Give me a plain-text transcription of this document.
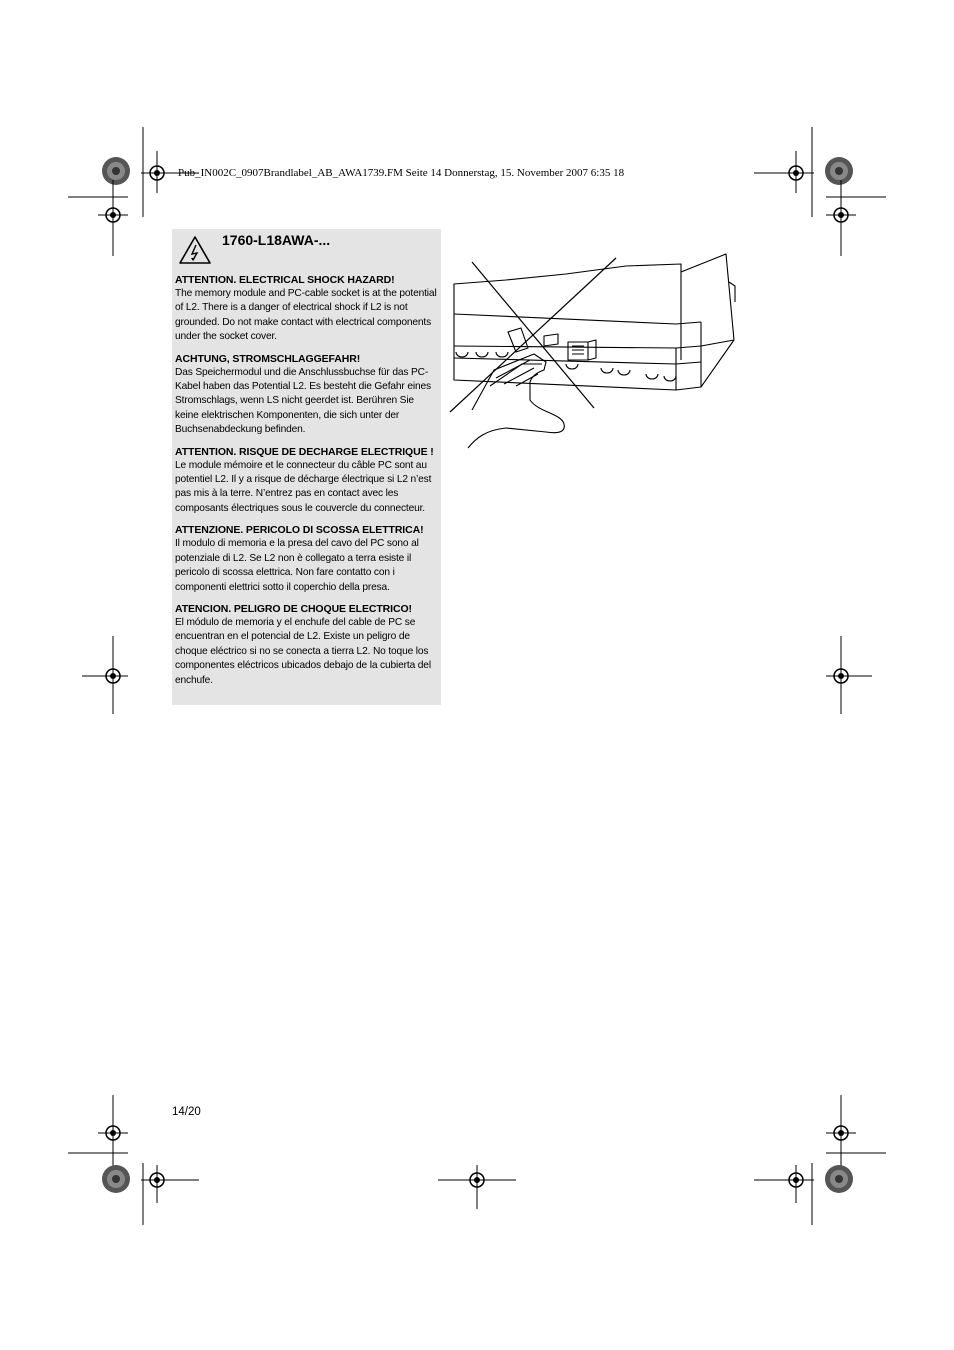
Pub_IN002C_0907Brandlabel_AB_AWA1739.FM Seite 14 Donnerstag, 15. November 2007 6:35 18
1760-L18AWA-...
ATTENTION. ELECTRICAL SHOCK HAZARD!

The memory module and PC-cable socket is at the potential of L2. There is a danger of electrical shock if L2 is not grounded. Do not make contact with electrical components under the socket cover.

ACHTUNG, STROMSCHLAGGEFAHR!

Das Speichermodul und die Anschlussbuchse für das PC-Kabel haben das Potential L2. Es besteht die Gefahr eines Stromschlags, wenn LS nicht geerdet ist. Berühren Sie keine elektrischen Komponenten, die sich unter der Buchsenabdeckung befinden.

ATTENTION. RISQUE DE DECHARGE ELECTRIQUE !

Le module mémoire et le connecteur du câble PC sont au potentiel L2. Il y a risque de décharge électrique si L2 n’est pas mis à la terre. N’entrez pas en contact avec les composants électriques sous le couvercle du connecteur.

ATTENZIONE. PERICOLO DI SCOSSA ELETTRICA!

Il modulo di memoria e la presa del cavo del PC sono al potenziale di L2. Se L2 non è collegato a terra esiste il pericolo di scossa elettrica. Non fare contatto con i componenti elettrici sotto il coperchio della presa.

ATENCION. PELIGRO DE CHOQUE ELECTRICO!

El módulo de memoria y el enchufe del cable de PC se encuentran en el potencial de L2. Existe un peligro de choque eléctrico si no se conecta a tierra L2. No toque los componentes eléctricos ubicados debajo de la cubierta del enchufe.

14/20
